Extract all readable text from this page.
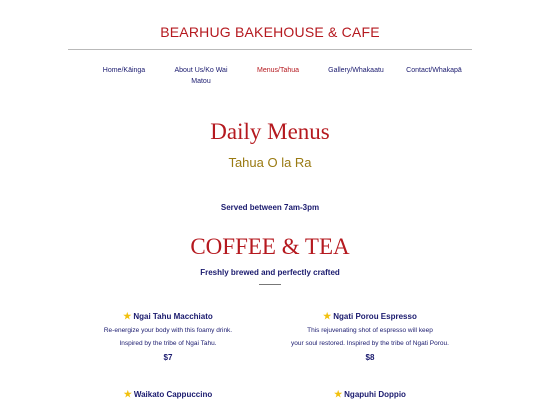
BEARHUG BAKEHOUSE & CAFE
Home/Kāinga	About Us/Ko Wai Matou
Menus/Tahua	Gallery/Whakaatu	Contact/Whakapā
Daily Menus
Tahua O la Ra
Served between 7am-3pm
COFFEE & TEA
Freshly brewed and perfectly crafted
★ Ngai Tahu Macchiato
Re-energize your body with this foamy drink.
Inspired by the tribe of Ngai Tahu.
$7
★ Ngati Porou Espresso
This rejuvenating shot of espresso will keep
your soul restored. Inspired by the tribe of Ngati Porou.
$8
★ Waikato Cappuccino	★ Ngapuhi Doppio
